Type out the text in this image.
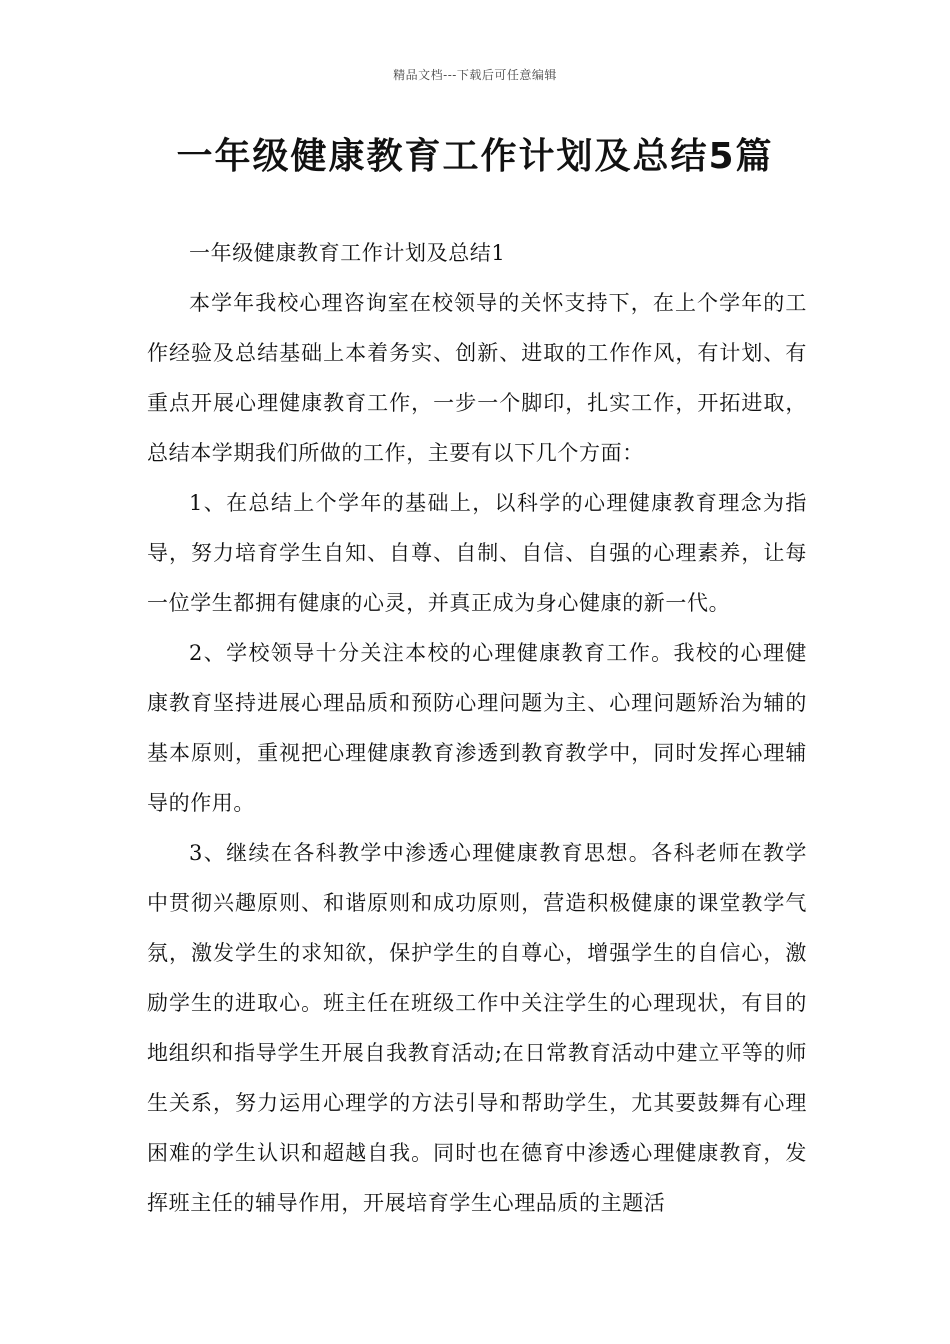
精品文档---下载后可任意编辑
一年级健康教育工作计划及总结5篇
一年级健康教育工作计划及总结1

本学年我校心理咨询室在校领导的关怀支持下，在上个学年的工作经验及总结基础上本着务实、创新、进取的工作作风，有计划、有重点开展心理健康教育工作，一步一个脚印，扎实工作，开拓进取，总结本学期我们所做的工作，主要有以下几个方面：

1、在总结上个学年的基础上，以科学的心理健康教育理念为指导，努力培育学生自知、自尊、自制、自信、自强的心理素养，让每一位学生都拥有健康的心灵，并真正成为身心健康的新一代。

2、学校领导十分关注本校的心理健康教育工作。我校的心理健康教育坚持进展心理品质和预防心理问题为主、心理问题矫治为辅的基本原则，重视把心理健康教育渗透到教育教学中，同时发挥心理辅导的作用。

3、继续在各科教学中渗透心理健康教育思想。各科老师在教学中贯彻兴趣原则、和谐原则和成功原则，营造积极健康的课堂教学气氛，激发学生的求知欲，保护学生的自尊心，增强学生的自信心，激励学生的进取心。班主任在班级工作中关注学生的心理现状，有目的地组织和指导学生开展自我教育活动;在日常教育活动中建立平等的师生关系，努力运用心理学的方法引导和帮助学生，尤其要鼓舞有心理困难的学生认识和超越自我。同时也在德育中渗透心理健康教育，发挥班主任的辅导作用，开展培育学生心理品质的主题活
